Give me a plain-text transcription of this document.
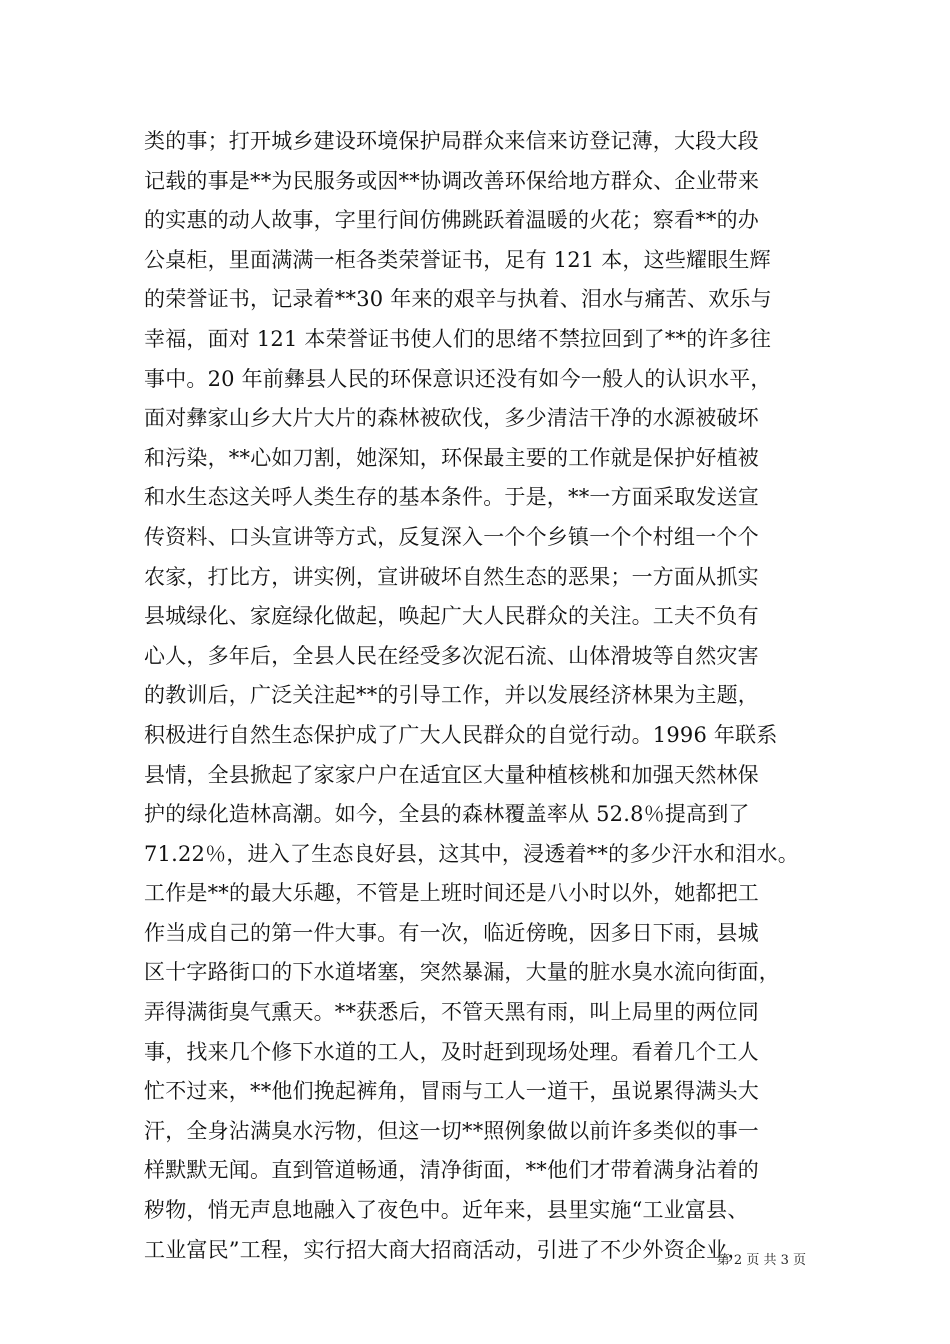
类的事；打开城乡建设环境保护局群众来信来访登记薄，大段大段
记载的事是**为民服务或因**协调改善环保给地方群众、企业带来
的实惠的动人故事，字里行间仿佛跳跃着温暖的火花；察看**的办
公桌柜，里面满满一柜各类荣誉证书，足有 121 本，这些耀眼生辉
的荣誉证书，记录着**30 年来的艰辛与执着、泪水与痛苦、欢乐与
幸福，面对 121 本荣誉证书使人们的思绪不禁拉回到了**的许多往
事中。20 年前彝县人民的环保意识还没有如今一般人的认识水平，
面对彝家山乡大片大片的森林被砍伐，多少清洁干净的水源被破坏
和污染，**心如刀割，她深知，环保最主要的工作就是保护好植被
和水生态这关呼人类生存的基本条件。于是，**一方面采取发送宣
传资料、口头宣讲等方式，反复深入一个个乡镇一个个村组一个个
农家，打比方，讲实例，宣讲破坏自然生态的恶果；一方面从抓实
县城绿化、家庭绿化做起，唤起广大人民群众的关注。工夫不负有
心人，多年后，全县人民在经受多次泥石流、山体滑坡等自然灾害
的教训后，广泛关注起**的引导工作，并以发展经济林果为主题，
积极进行自然生态保护成了广大人民群众的自觉行动。1996 年联系
县情，全县掀起了家家户户在适宜区大量种植核桃和加强天然林保
护的绿化造林高潮。如今，全县的森林覆盖率从 52.8％提高到了
71.22％，进入了生态良好县，这其中，浸透着**的多少汗水和泪水。
工作是**的最大乐趣，不管是上班时间还是八小时以外，她都把工
作当成自己的第一件大事。有一次，临近傍晚，因多日下雨，县城
区十字路街口的下水道堵塞，突然暴漏，大量的脏水臭水流向街面，
弄得满街臭气熏天。**获悉后，不管天黑有雨，叫上局里的两位同
事，找来几个修下水道的工人，及时赶到现场处理。看着几个工人
忙不过来，**他们挽起裤角，冒雨与工人一道干，虽说累得满头大
汗，全身沾满臭水污物，但这一切**照例象做以前许多类似的事一
样默默无闻。直到管道畅通，清净街面，**他们才带着满身沾着的
秽物，悄无声息地融入了夜色中。近年来，县里实施“工业富县、
工业富民”工程，实行招大商大招商活动，引进了不少外资企业，
第 2 页 共 3 页
